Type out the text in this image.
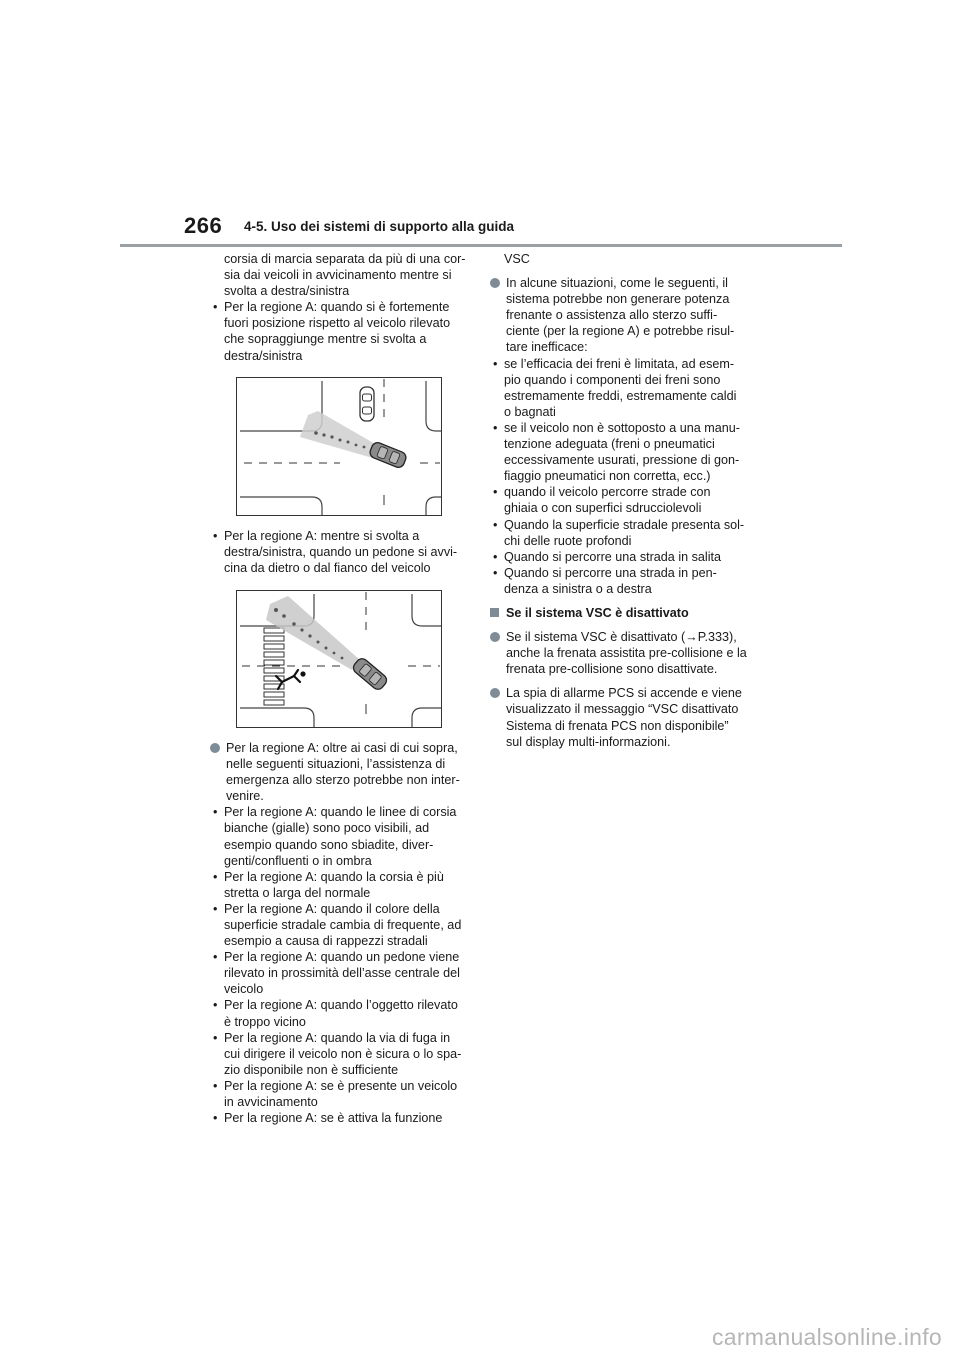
266 4-5. Uso dei sistemi di supporto alla guida
corsia di marcia separata da più di una cor-
sia dai veicoli in avvicinamento mentre si
svolta a destra/sinistra
• Per la regione A: quando si è fortemente
fuori posizione rispetto al veicolo rilevato
che sopraggiunge mentre si svolta a
destra/sinistra
• Per la regione A: mentre si svolta a
destra/sinistra, quando un pedone si avvi-
cina da dietro o dal fianco del veicolo
Per la regione A: oltre ai casi di cui sopra,
nelle seguenti situazioni, l’assistenza di
emergenza allo sterzo potrebbe non inter-
venire.
• Per la regione A: quando le linee di corsia
bianche (gialle) sono poco visibili, ad
esempio quando sono sbiadite, diver-
genti/confluenti o in ombra
• Per la regione A: quando la corsia è più
stretta o larga del normale
• Per la regione A: quando il colore della
superficie stradale cambia di frequente, ad
esempio a causa di rappezzi stradali
• Per la regione A: quando un pedone viene
rilevato in prossimità dell’asse centrale del
veicolo
• Per la regione A: quando l’oggetto rilevato
è troppo vicino
• Per la regione A: quando la via di fuga in
cui dirigere il veicolo non è sicura o lo spa-
zio disponibile non è sufficiente
• Per la regione A: se è presente un veicolo
in avvicinamento
• Per la regione A: se è attiva la funzione
VSC
In alcune situazioni, come le seguenti, il
sistema potrebbe non generare potenza
frenante o assistenza allo sterzo suffi-
ciente (per la regione A) e potrebbe risul-
tare inefficace:
• se l’efficacia dei freni è limitata, ad esem-
pio quando i componenti dei freni sono
estremamente freddi, estremamente caldi
o bagnati
• se il veicolo non è sottoposto a una manu-
tenzione adeguata (freni o pneumatici
eccessivamente usurati, pressione di gon-
fiaggio pneumatici non corretta, ecc.)
• quando il veicolo percorre strade con
ghiaia o con superfici sdrucciolevoli
• Quando la superficie stradale presenta sol-
chi delle ruote profondi
• Quando si percorre una strada in salita
• Quando si percorre una strada in pen-
denza a sinistra o a destra
Se il sistema VSC è disattivato
Se il sistema VSC è disattivato (→P.333),
anche la frenata assistita pre-collisione e la
frenata pre-collisione sono disattivate.
La spia di allarme PCS si accende e viene
visualizzato il messaggio “VSC disattivato
Sistema di frenata PCS non disponibile”
sul display multi-informazioni.
carmanualsonline.info
